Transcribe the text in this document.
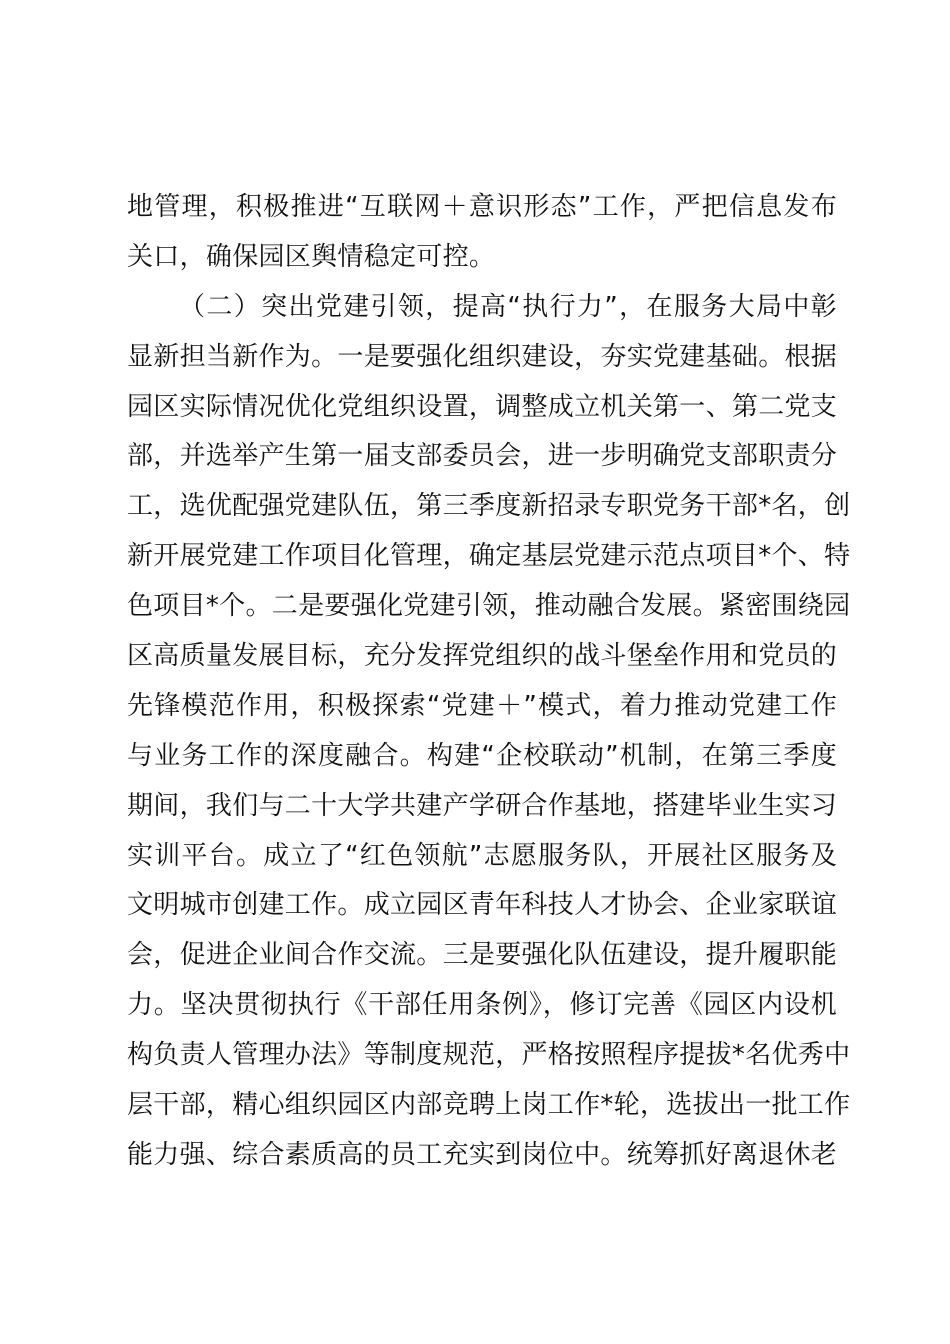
地管理，积极推进“互联网＋意识形态”工作，严把信息发布
关口，确保园区舆情稳定可控。
（二）突出党建引领，提高“执行力”，在服务大局中彰
显新担当新作为。一是要强化组织建设，夯实党建基础。根据
园区实际情况优化党组织设置，调整成立机关第一、第二党支
部，并选举产生第一届支部委员会，进一步明确党支部职责分
工，选优配强党建队伍，第三季度新招录专职党务干部*名，创
新开展党建工作项目化管理，确定基层党建示范点项目*个、特
色项目*个。二是要强化党建引领，推动融合发展。紧密围绕园
区高质量发展目标，充分发挥党组织的战斗堡垒作用和党员的
先锋模范作用，积极探索“党建＋”模式，着力推动党建工作
与业务工作的深度融合。构建“企校联动”机制，在第三季度
期间，我们与二十大学共建产学研合作基地，搭建毕业生实习
实训平台。成立了“红色领航”志愿服务队，开展社区服务及
文明城市创建工作。成立园区青年科技人才协会、企业家联谊
会，促进企业间合作交流。三是要强化队伍建设，提升履职能
力。坚决贯彻执行《干部任用条例》，修订完善《园区内设机
构负责人管理办法》等制度规范，严格按照程序提拔*名优秀中
层干部，精心组织园区内部竞聘上岗工作*轮，选拔出一批工作
能力强、综合素质高的员工充实到岗位中。统筹抓好离退休老
